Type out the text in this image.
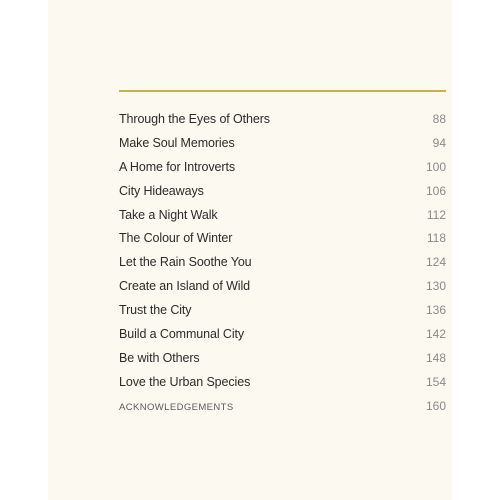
Through the Eyes of Others	88
Make Soul Memories	94
A Home for Introverts	100
City Hideaways	106
Take a Night Walk	112
The Colour of Winter	118
Let the Rain Soothe You	124
Create an Island of Wild	130
Trust the City	136
Build a Communal City	142
Be with Others	148
Love the Urban Species	154
ACKNOWLEDGEMENTS	160
